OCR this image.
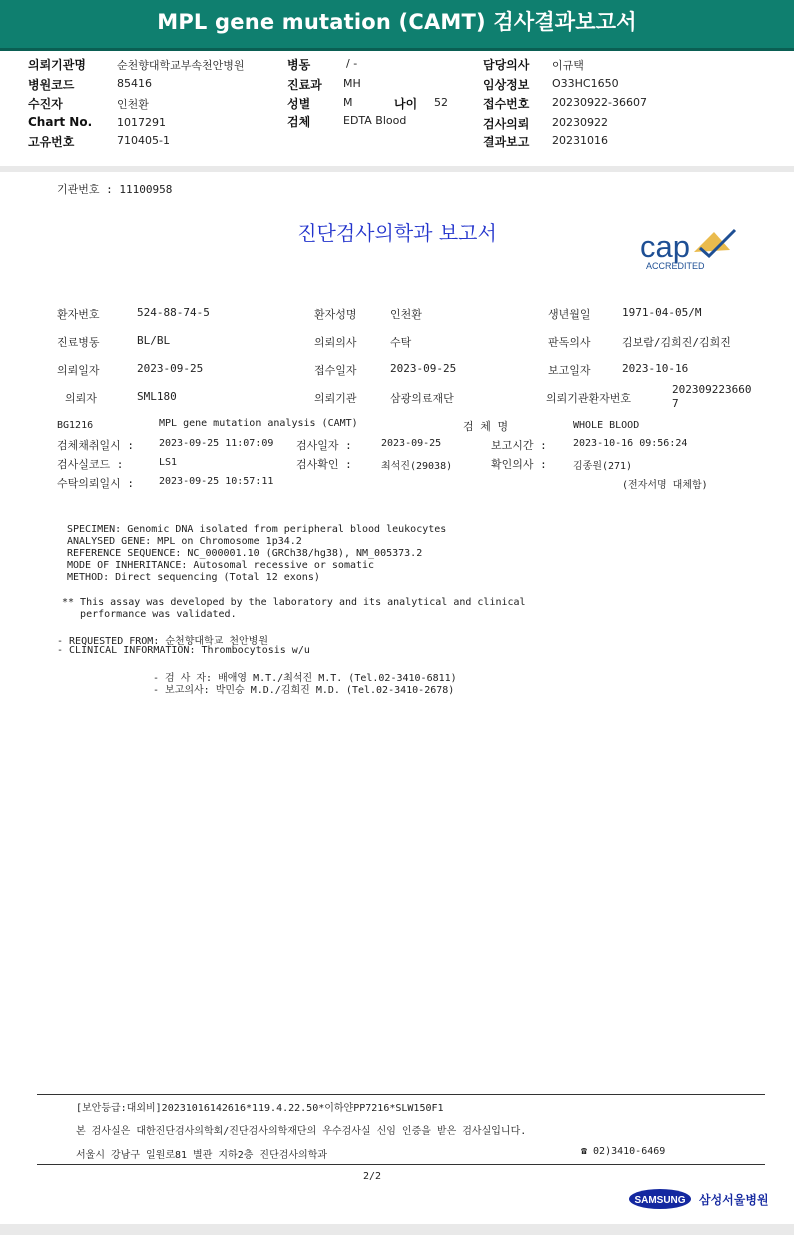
MPL gene mutation (CAMT) 검사결과보고서
의뢰기관명	순천향대학교부속천안병원
병원코드	85416
수진자	인천환
Chart No. 1017291
고유번호	710405-1
병동	/ -
진료과 MH
성별	M	나이 52
검체	EDTA Blood
담당의사 이규택
임상정보 O33HC1650
접수번호 20230922-36607
검사의뢰 20230922
결과보고 20231016
기관번호 : 11100958
진단검사의학과 보고서	cap
ACCREDITED
환자번호	524-88-74-5	환자성명	인천환	생년월일	1971-04-05/M
진료병동	BL/BL	의뢰의사	수탁	판독의사	김보람/김희진/김희진
의뢰일자	2023-09-25	접수일자	2023-09-25	보고일자	2023-10-16
의뢰자	SML180	의뢰기관	삼광의료재단	의뢰기관환자번호
202309223660
7
BG1216	MPL gene mutation analysis (CAMT)	검 체 명	WHOLE BLOOD
검체채취일시 : 2023-09-25 11:07:09 검사일자 :	2023-09-25	보고시간 :	2023-10-16 09:56:24
검사실코드 :	LS1	검사확인 :	최석진(29038)	확인의사 :	김종원(271)
수탁의뢰일시 : 2023-09-25 10:57:11	(전자서명 대체함)
SPECIMEN: Genomic DNA isolated from peripheral blood leukocytes
ANALYSED GENE: MPL on Chromosome 1p34.2
REFERENCE SEQUENCE: NC_000001.10 (GRCh38/hg38), NM_005373.2
MODE OF INHERITANCE: Autosomal recessive or somatic
METHOD: Direct sequencing (Total 12 exons)
** This assay was developed by the laboratory and its analytical and clinical
performance was validated.
- REQUESTED FROM: 순천향대학교 천안병원
- CLINICAL INFORMATION: Thrombocytosis w/u
- 검 사 자: 배애영 M.T./최석진 M.T. (Tel.02-3410-6811)
- 보고의사: 박민승 M.D./김희진 M.D. (Tel.02-3410-2678)
[보안등급:대외비]20231016142616*119.4.22.50*이하얀PP7216*SLW150F1
본 검사실은 대한진단검사의학회/진단검사의학재단의 우수검사실 신임 인증을 받은 검사실입니다.
서울시 강남구 일원로81 별관 지하2층 진단검사의학과	☎ 02)3410-6469
2/2
SAMSUNG 삼성서울병원
